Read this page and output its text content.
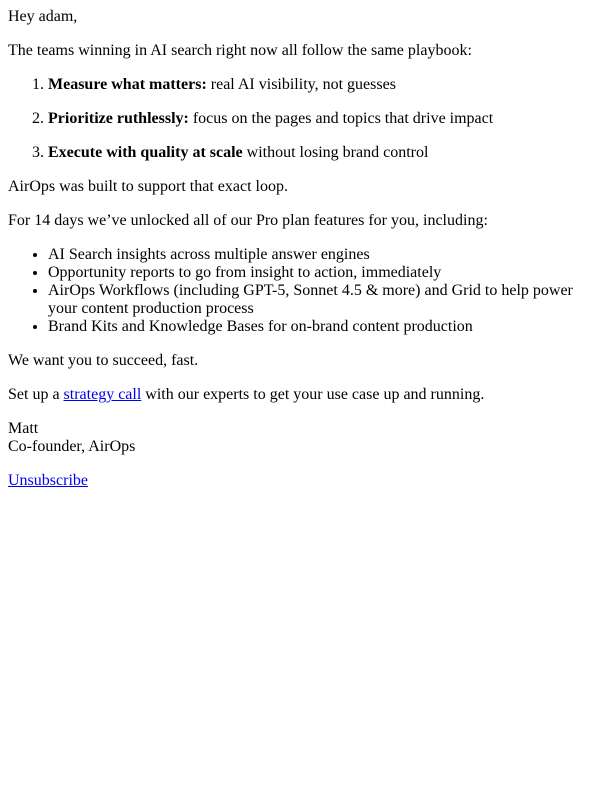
Hey adam,

The teams winning in AI search right now all follow the same playbook:

1. Measure what matters: real AI visibility, not guesses
2. Prioritize ruthlessly: focus on the pages and topics that drive impact
3. Execute with quality at scale without losing brand control

AirOps was built to support that exact loop.

For 14 days we’ve unlocked all of our Pro plan features for you, including:

• AI Search insights across multiple answer engines
• Opportunity reports to go from insight to action, immediately
• AirOps Workflows (including GPT-5, Sonnet 4.5 & more) and Grid to help power your content production process
• Brand Kits and Knowledge Bases for on-brand content production

We want you to succeed, fast.

Set up a strategy call with our experts to get your use case up and running.

Matt
Co-founder, AirOps

Unsubscribe
